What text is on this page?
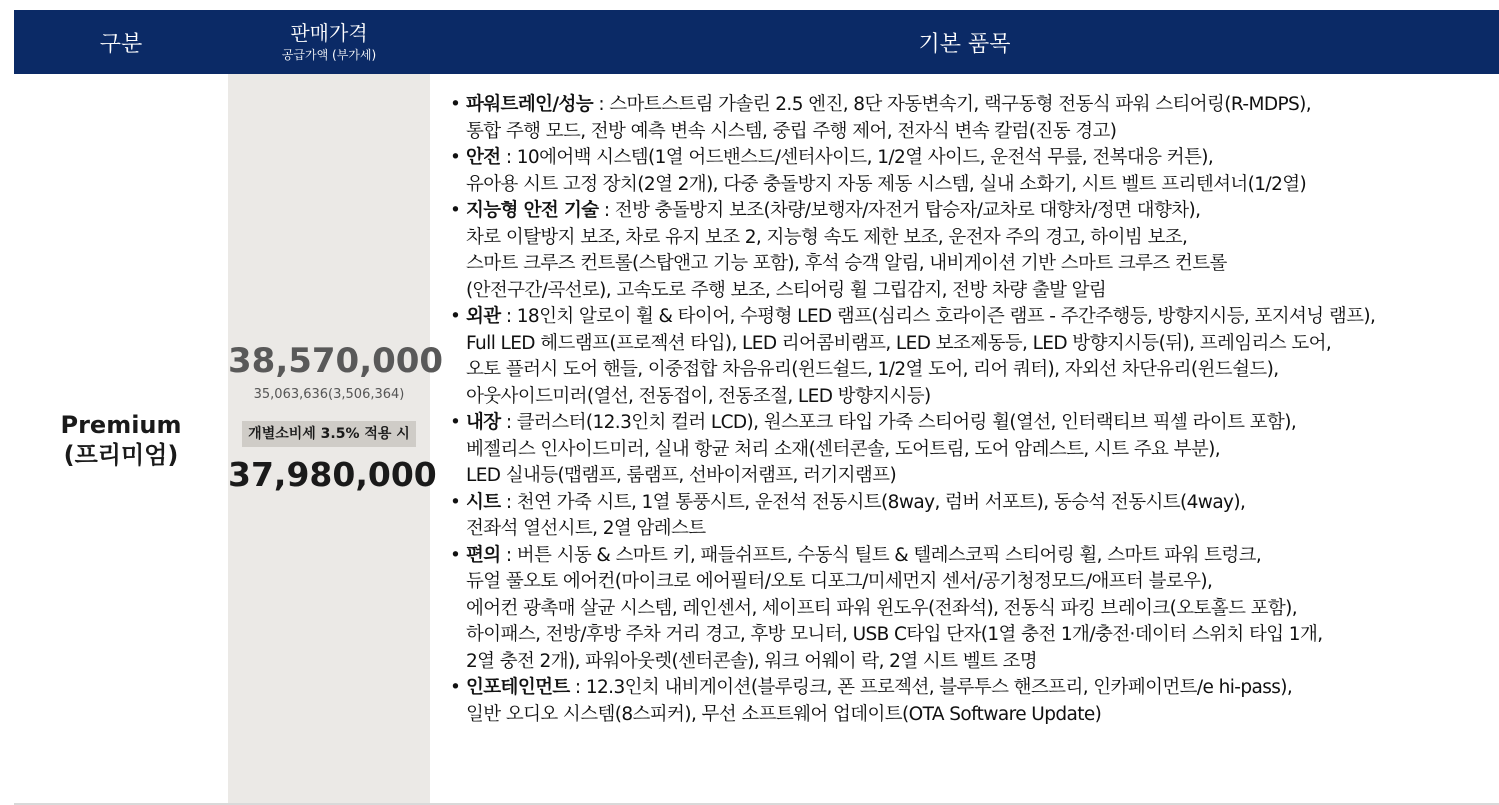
구분	판매가격
공급가액 (부가세)	기본 품목
Premium
(프리미엄)
38,570,000
35,063,636(3,506,364)
개별소비세 3.5% 적용 시
37,980,000
• 파워트레인/성능 : 스마트스트림 가솔린 2.5 엔진, 8단 자동변속기, 랙구동형 전동식 파워 스티어링(R-MDPS),
통합 주행 모드, 전방 예측 변속 시스템, 중립 주행 제어, 전자식 변속 칼럼(진동 경고)
• 안전 : 10에어백 시스템(1열 어드밴스드/센터사이드, 1/2열 사이드, 운전석 무릎, 전복대응 커튼),
유아용 시트 고정 장치(2열 2개), 다중 충돌방지 자동 제동 시스템, 실내 소화기, 시트 벨트 프리텐셔너(1/2열)
• 지능형 안전 기술 : 전방 충돌방지 보조(차량/보행자/자전거 탑승자/교차로 대향차/정면 대향차),
차로 이탈방지 보조, 차로 유지 보조 2, 지능형 속도 제한 보조, 운전자 주의 경고, 하이빔 보조,
스마트 크루즈 컨트롤(스탑앤고 기능 포함), 후석 승객 알림, 내비게이션 기반 스마트 크루즈 컨트롤
(안전구간/곡선로), 고속도로 주행 보조, 스티어링 휠 그립감지, 전방 차량 출발 알림
• 외관 : 18인치 알로이 휠 & 타이어, 수평형 LED 램프(심리스 호라이즌 램프 - 주간주행등, 방향지시등, 포지셔닝 램프),
Full LED 헤드램프(프로젝션 타입), LED 리어콤비램프, LED 보조제동등, LED 방향지시등(뒤), 프레임리스 도어,
오토 플러시 도어 핸들, 이중접합 차음유리(윈드쉴드, 1/2열 도어, 리어 쿼터), 자외선 차단유리(윈드쉴드),
아웃사이드미러(열선, 전동접이, 전동조절, LED 방향지시등)
• 내장 : 클러스터(12.3인치 컬러 LCD), 원스포크 타입 가죽 스티어링 휠(열선, 인터랙티브 픽셀 라이트 포함),
베젤리스 인사이드미러, 실내 항균 처리 소재(센터콘솔, 도어트림, 도어 암레스트, 시트 주요 부분),
LED 실내등(맵램프, 룸램프, 선바이저램프, 러기지램프)
• 시트 : 천연 가죽 시트, 1열 통풍시트, 운전석 전동시트(8way, 럼버 서포트), 동승석 전동시트(4way),
전좌석 열선시트, 2열 암레스트
• 편의 : 버튼 시동 & 스마트 키, 패들쉬프트, 수동식 틸트 & 텔레스코픽 스티어링 휠, 스마트 파워 트렁크,
듀얼 풀오토 에어컨(마이크로 에어필터/오토 디포그/미세먼지 센서/공기청정모드/애프터 블로우),
에어컨 광촉매 살균 시스템, 레인센서, 세이프티 파워 윈도우(전좌석), 전동식 파킹 브레이크(오토홀드 포함),
하이패스, 전방/후방 주차 거리 경고, 후방 모니터, USB C타입 단자(1열 충전 1개/충전·데이터 스위치 타입 1개,
2열 충전 2개), 파워아웃렛(센터콘솔), 워크 어웨이 락, 2열 시트 벨트 조명
• 인포테인먼트 : 12.3인치 내비게이션(블루링크, 폰 프로젝션, 블루투스 핸즈프리, 인카페이먼트/e hi-pass),
일반 오디오 시스템(8스피커), 무선 소프트웨어 업데이트(OTA Software Update)
